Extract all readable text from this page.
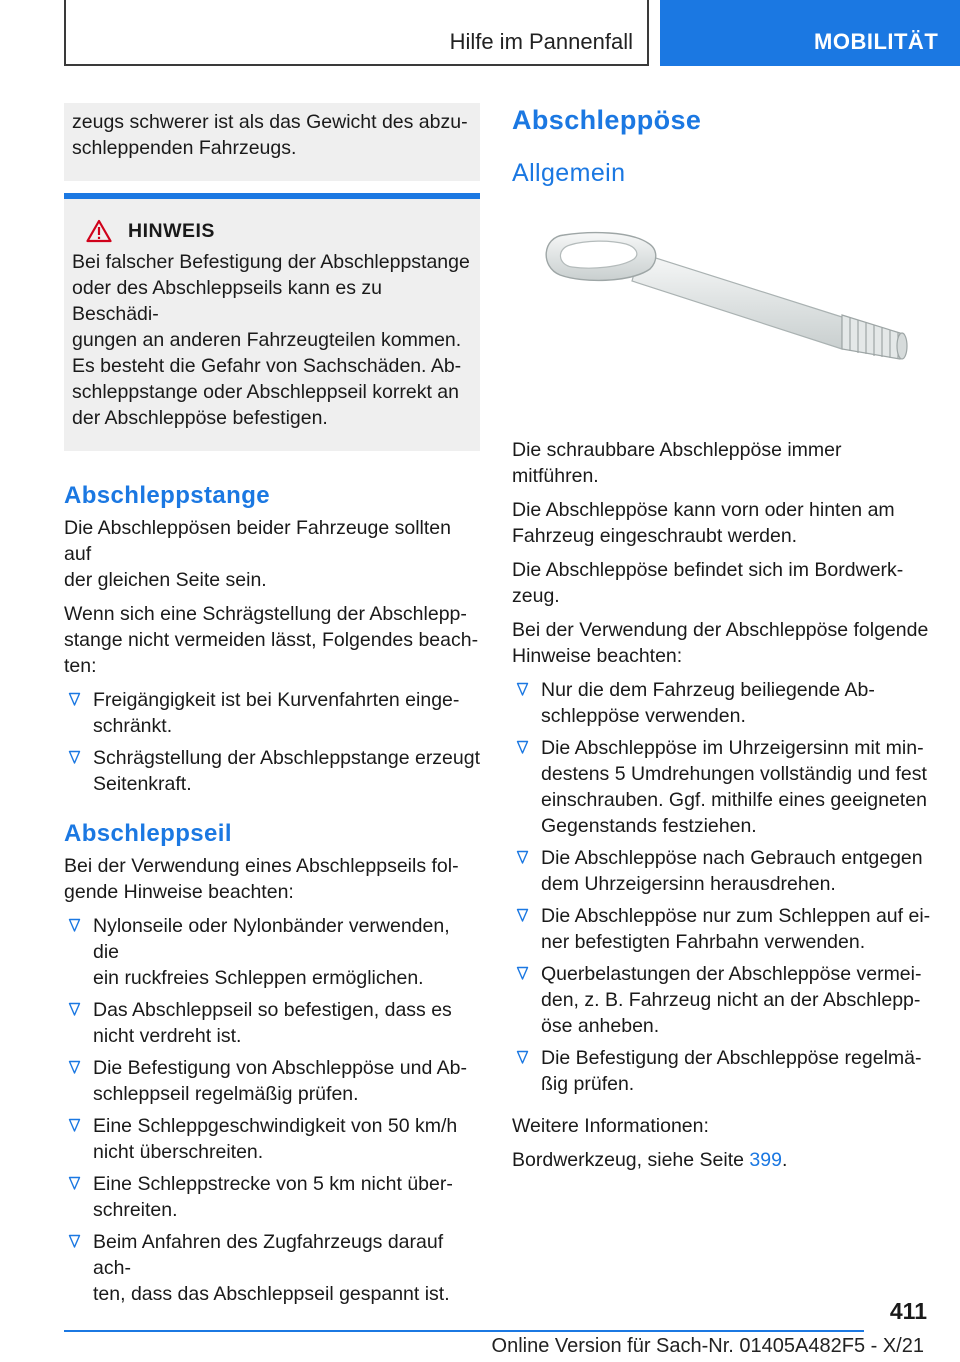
Hilfe im Pannenfall	MOBILITÄT

zeugs schwerer ist als das Gewicht des abzu-
schleppenden Fahrzeugs.

HINWEIS

Bei falscher Befestigung der Abschleppstange
oder des Abschleppseils kann es zu Beschädi-
gungen an anderen Fahrzeugteilen kommen.
Es besteht die Gefahr von Sachschäden. Ab-
schleppstange oder Abschleppseil korrekt an
der Abschleppöse befestigen.

Abschleppstange

Die Abschleppösen beider Fahrzeuge sollten auf
der gleichen Seite sein.

Wenn sich eine Schrägstellung der Abschlepp-
stange nicht vermeiden lässt, Folgendes beach-
ten:

Freigängigkeit ist bei Kurvenfahrten einge-
schränkt.
Schrägstellung der Abschleppstange erzeugt
Seitenkraft.
Abschleppseil

Bei der Verwendung eines Abschleppseils fol-
gende Hinweise beachten:

Nylonseile oder Nylonbänder verwenden, die
ein ruckfreies Schleppen ermöglichen.
Das Abschleppseil so befestigen, dass es
nicht verdreht ist.
Die Befestigung von Abschleppöse und Ab-
schleppseil regelmäßig prüfen.
Eine Schleppgeschwindigkeit von 50 km/h
nicht überschreiten.
Eine Schleppstrecke von 5 km nicht über-
schreiten.
Beim Anfahren des Zugfahrzeugs darauf ach-
ten, dass das Abschleppseil gespannt ist.
Abschleppöse
Allgemein

Die schraubbare Abschleppöse immer mitführen.

Die Abschleppöse kann vorn oder hinten am
Fahrzeug eingeschraubt werden.

Die Abschleppöse befindet sich im Bordwerk-
zeug.

Bei der Verwendung der Abschleppöse folgende
Hinweise beachten:

Nur die dem Fahrzeug beiliegende Ab-
schleppöse verwenden.
Die Abschleppöse im Uhrzeigersinn mit min-
destens 5 Umdrehungen vollständig und fest
einschrauben. Ggf. mithilfe eines geeigneten
Gegenstands festziehen.
Die Abschleppöse nach Gebrauch entgegen
dem Uhrzeigersinn herausdrehen.
Die Abschleppöse nur zum Schleppen auf ei-
ner befestigten Fahrbahn verwenden.
Querbelastungen der Abschleppöse vermei-
den, z. B. Fahrzeug nicht an der Abschlepp-
öse anheben.
Die Befestigung der Abschleppöse regelmä-
ßig prüfen.

Weitere Informationen:

Bordwerkzeug, siehe Seite 399.

411
Online Version für Sach-Nr. 01405A482F5 - X/21
